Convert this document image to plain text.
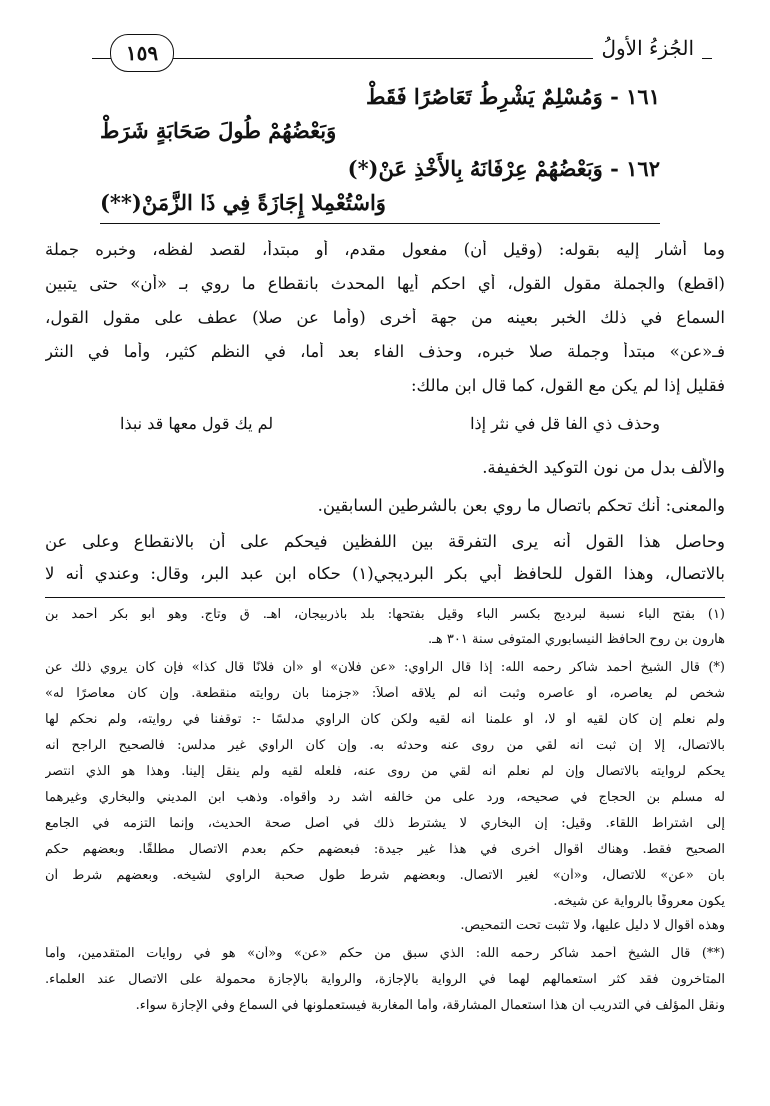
١٥٩	الجُزءُ الأولُ
١٦١ - وَمُسْلِمٌ يَشْرِطُ تَعَاصُرًا فَقَطْ
وَبَعْضُهُمْ طُولَ صَحَابَةٍ شَرَطْ
١٦٢ - وَبَعْضُهُمْ عِرْفَانَهُ بِالأَخْذِ عَنْ(*)
وَاسْتُعْمِلا إِجَازَةً فِي ذَا الزَّمَنْ(**)
وما أشار إليه بقوله: (وقيل أن) مفعول مقدم، أو مبتدأ، لقصد لفظه، وخبره جملة
(اقطع) والجملة مقول القول، أي احكم أيها المحدث بانقطاع ما روي بـ «أن» حتى يتبين
السماع في ذلك الخبر بعينه من جهة أخرى (وأما عن صلا) عطف على مقول القول،
فـ«عن» مبتدأ وجملة صلا خبره، وحذف الفاء بعد أما، في النظم كثير، وأما في النثر
فقليل إذا لم يكن مع القول، كما قال ابن مالك:
وحذف ذي الفا قل في نثر إذا
لم يك قول معها قد نبذا
والألف بدل من نون التوكيد الخفيفة.
والمعنى: أنك تحكم باتصال ما روي بعن بالشرطين السابقين.
وحاصل هذا القول أنه يرى التفرقة بين اللفظين فيحكم على أن بالانقطاع وعلى عن
بالاتصال، وهذا القول للحافظ أبي بكر البرديجي(١) حكاه ابن عبد البر، وقال: وعندي أنه لا
(١) بفتح الباء نسبة لبرديج بكسر الباء وقيل بفتحها: بلد بأذربيجان، اهـ. ق وتاج. وهو أبو بكر أحمد بن
هارون بن روح الحافظ النيسابوري المتوفى سنة ٣٠١ هـ.
(*) قال الشيخ أحمد شاكر رحمه الله: إذا قال الراوي: «عن فلان» أو «أن فلانًا قال كذا» فإن كان يروي ذلك عن
شخص لم يعاصره، أو عاصره وثبت أنه لم يلاقه أصلاً: «جزمنا بأن روايته منقطعة. وإن كان معاصرًا له»
ولم نعلم إن كان لقيه أو لا، أو علمنا أنه لقيه ولكن كان الراوي مدلسًا -: توقفنا في روايته، ولم نحكم لها
بالاتصال، إلا إن ثبت أنه لقي من روى عنه وحدثه به. وإن كان الراوي غير مدلس: فالصحيح الراجح أنه
يحكم لروايته بالاتصال وإن لم نعلم أنه لقي من روى عنه، فلعله لقيه ولم ينقل إلينا. وهذا هو الذي انتصر
له مسلم بن الحجاج في صحيحه، ورد على من خالفه أشد رد وأقواه. وذهب ابن المديني والبخاري وغيرهما
إلى اشتراط اللقاء. وقيل: إن البخاري لا يشترط ذلك في أصل صحة الحديث، وإنما التزمه في الجامع
الصحيح فقط. وهناك أقوال أخرى في هذا غير جيدة: فبعضهم حكم بعدم الاتصال مطلقًا. وبعضهم حكم
بأن «عن» للاتصال، و«أن» لغير الاتصال. وبعضهم شرط طول صحبة الراوي لشيخه. وبعضهم شرط أن
يكون معروفًا بالرواية عن شيخه.
وهذه أقوال لا دليل عليها، ولا تثبت تحت التمحيص.
(**) قال الشيخ أحمد شاكر رحمه الله: الذي سبق من حكم «عن» و«أن» هو في روايات المتقدمين، وأما
المتأخرون فقد كثر استعمالهم لهما في الرواية بالإجازة، والرواية بالإجازة محمولة على الاتصال عند العلماء.
ونقل المؤلف في التدريب أن هذا استعمال المشارقة، وأما المغاربة فيستعملونها في السماع وفي الإجازة سواء.
